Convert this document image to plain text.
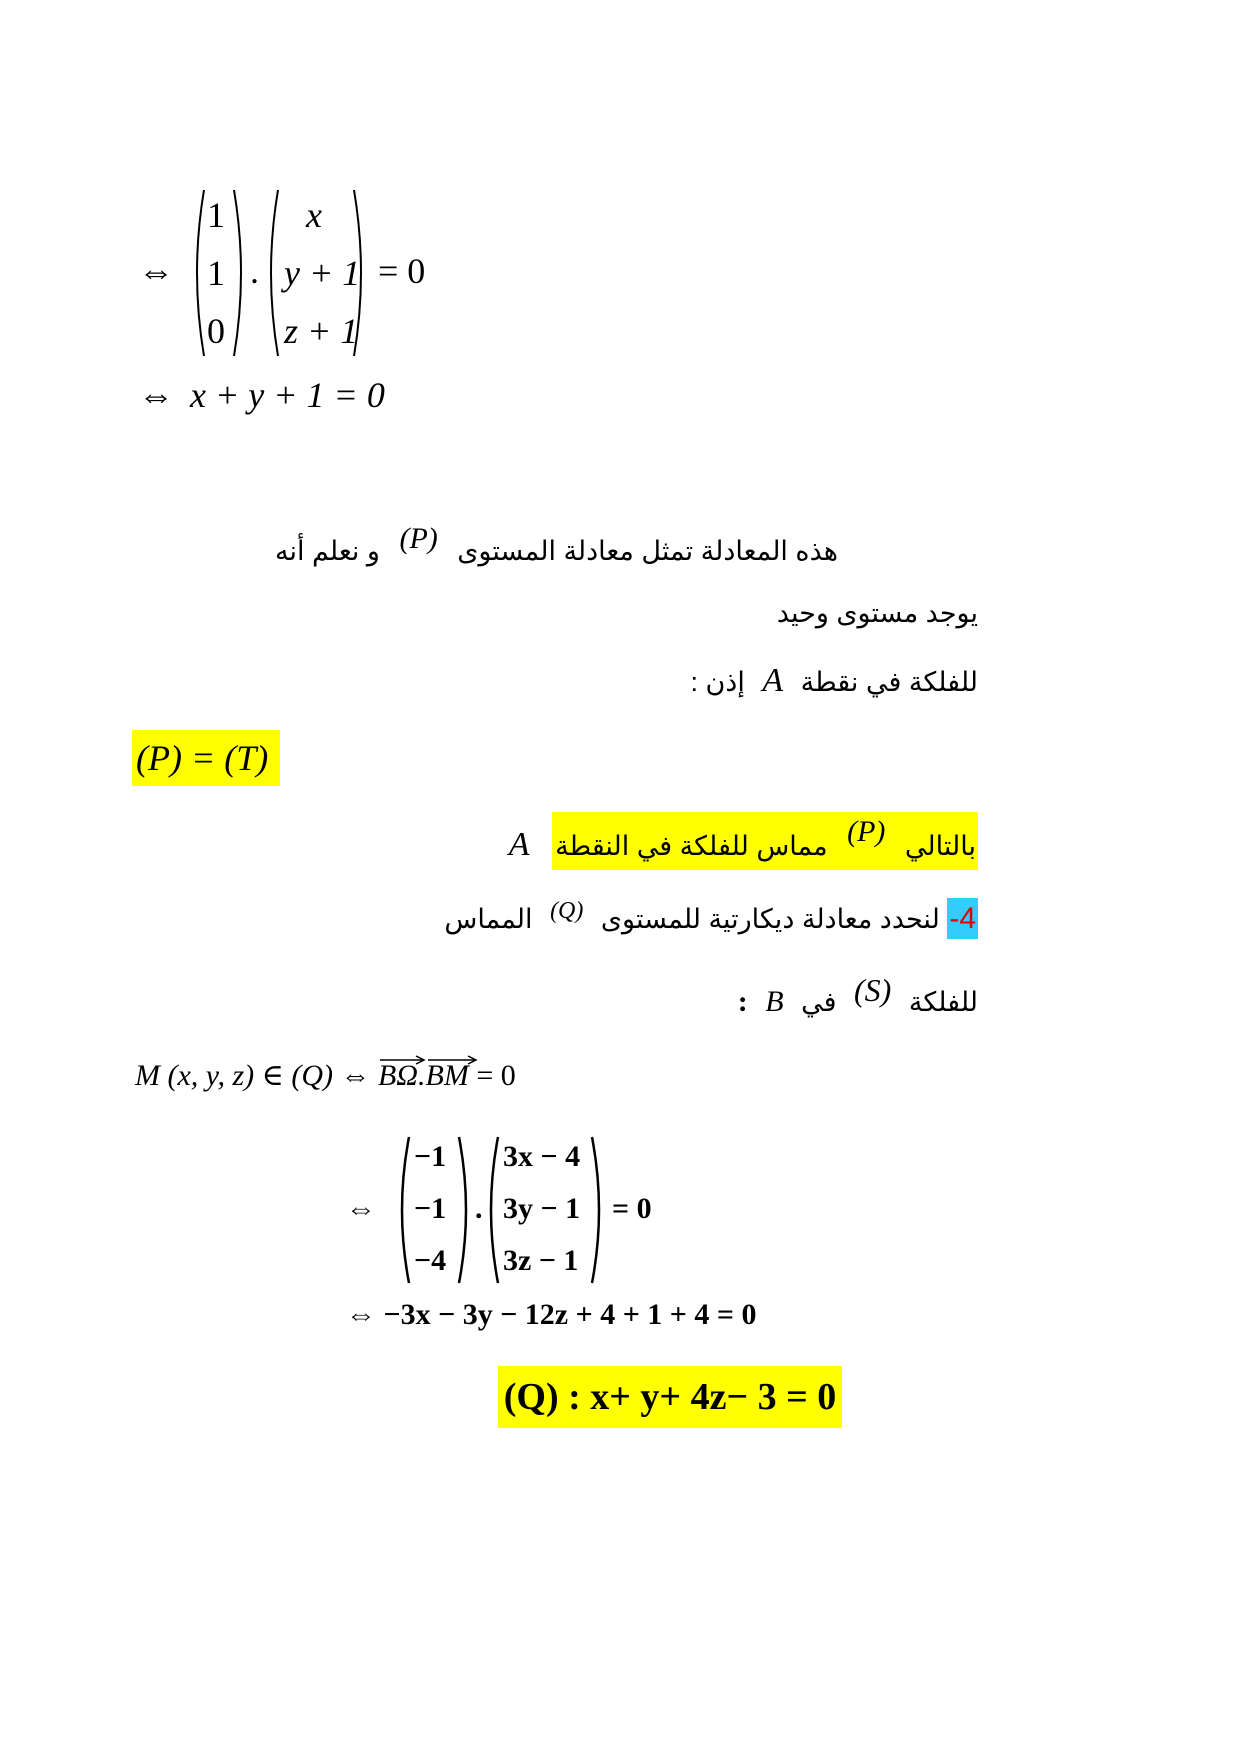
⇔
1
1
0
.
x
y + 1
z + 1
= 0
⇔ x + y + 1 = 0
هذه المعادلة تمثل معادلة المستوى (P) و نعلم أنه
يوجد مستوى وحيد
للفلكة في نقطة A إذن :
(P) = (T)
بالتالي (P) مماس للفلكة في النقطة A
4- لنحدد معادلة ديكارتية للمستوى (Q) المماس
للفلكة (S) في B :
M (x, y, z) ∈ (Q) ⇔ BΩ.
BM = 0
⇔
−1
−1
−4
.
3x − 4
3y − 1
3z − 1
= 0
⇔ −3x − 3y − 12z + 4 + 1 + 4 = 0
(Q) : x+ y+ 4z− 3 = 0
